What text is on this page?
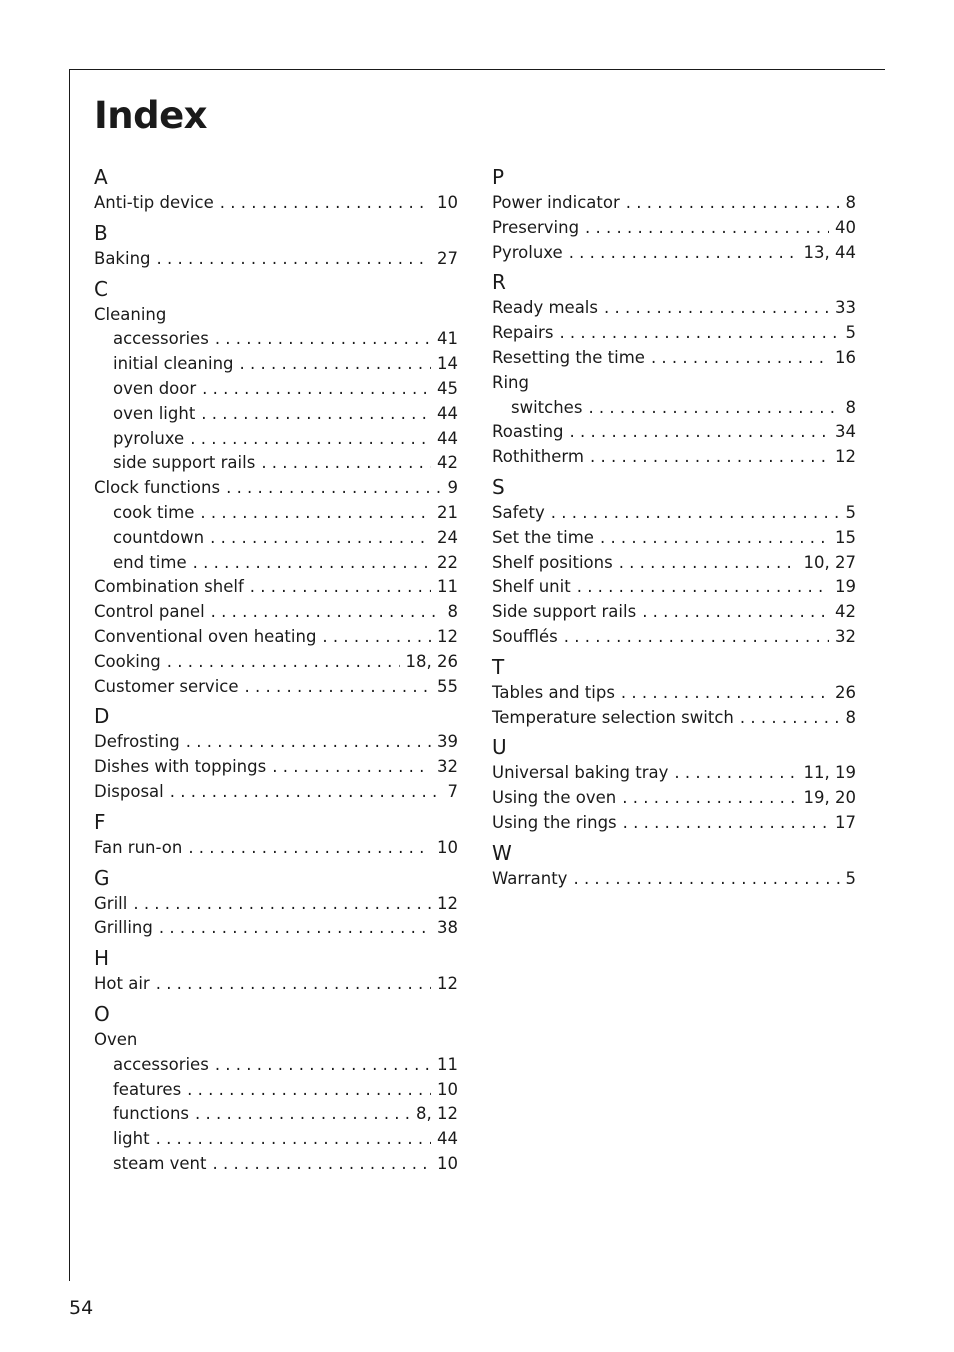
Index
A
Anti-tip device . . .	10
B
Baking . . .	27
C
Cleaning
accessories . . .	41
initial cleaning . . .	14
oven door . . .	45
oven light . . .	44
pyroluxe . . .	44
side support rails . . .	42
Clock functions . . .	9
cook time . . .	21
countdown . . .	24
end time . . .	22
Combination shelf . . .	11
Control panel . . .	8
Conventional oven heating . . .	12
Cooking . . .	18, 26
Customer service . . .	55
D
Defrosting . . .	39
Dishes with toppings . . .	32
Disposal . . .	7
F
Fan run-on . . .	10
G
Grill . . .	12
Grilling . . .	38
H
Hot air . . .	12
O
Oven
accessories . . .	11
features . . .	10
functions . . .	8, 12
light . . .	44
steam vent . . .	10
P
Power indicator . . .	8
Preserving . . .	40
Pyroluxe . . .	13, 44
R
Ready meals . . .	33
Repairs . . .	5
Resetting the time . . .	16
Ring
switches . . .	8
Roasting . . .	34
Rothitherm . . .	12
S
Safety . . .	5
Set the time . . .	15
Shelf positions . . .	10, 27
Shelf unit . . .	19
Side support rails . . .	42
Soufflés . . .	32
T
Tables and tips . . .	26
Temperature selection switch . . .	8
U
Universal baking tray . . .	11, 19
Using the oven . . .	19, 20
Using the rings . . .	17
W
Warranty . . .	5
54
